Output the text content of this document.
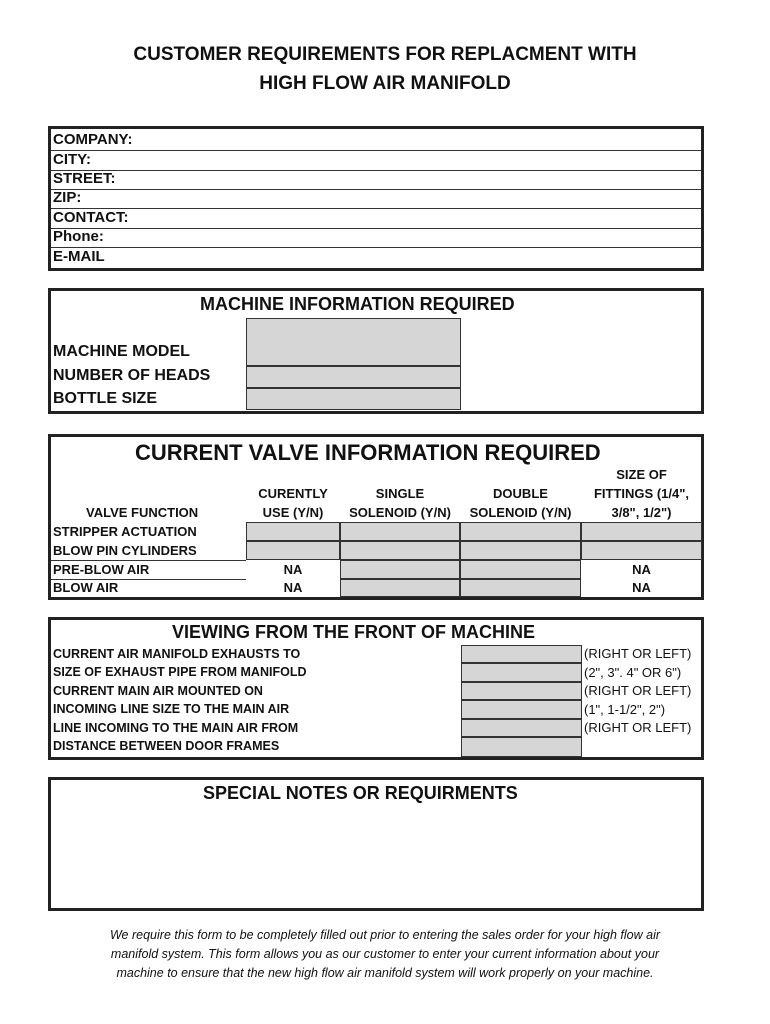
CUSTOMER REQUIREMENTS FOR REPLACMENT WITH
HIGH FLOW AIR MANIFOLD
COMPANY:
CITY:
STREET:
ZIP:
CONTACT:
Phone:
E-MAIL
MACHINE INFORMATION REQUIRED
MACHINE MODEL
NUMBER OF HEADS
BOTTLE SIZE
CURRENT VALVE INFORMATION REQUIRED
VALVE FUNCTION
CURENTLY
USE (Y/N)
SINGLE
SOLENOID (Y/N)
DOUBLE
SOLENOID (Y/N)
SIZE OF
FITTINGS (1/4",
3/8", 1/2")
STRIPPER ACTUATION
BLOW PIN CYLINDERS
PRE-BLOW AIR
BLOW AIR
NA
NA
NA
NA
VIEWING FROM THE FRONT OF MACHINE
CURRENT AIR MANIFOLD EXHAUSTS TO
SIZE OF EXHAUST PIPE FROM MANIFOLD
CURRENT MAIN AIR MOUNTED ON
INCOMING LINE SIZE TO THE MAIN AIR
LINE INCOMING TO THE MAIN AIR FROM
DISTANCE BETWEEN DOOR FRAMES
(RIGHT OR LEFT)
(2", 3". 4" OR 6")
(RIGHT OR LEFT)
(1", 1-1/2", 2")
(RIGHT OR LEFT)
SPECIAL NOTES OR REQUIRMENTS
We require this form to be completely filled out prior to entering the sales order for your high flow air
manifold system. This form allows you as our customer to enter your current information about your
machine to ensure that the new high flow air manifold system will work properly on your machine.
